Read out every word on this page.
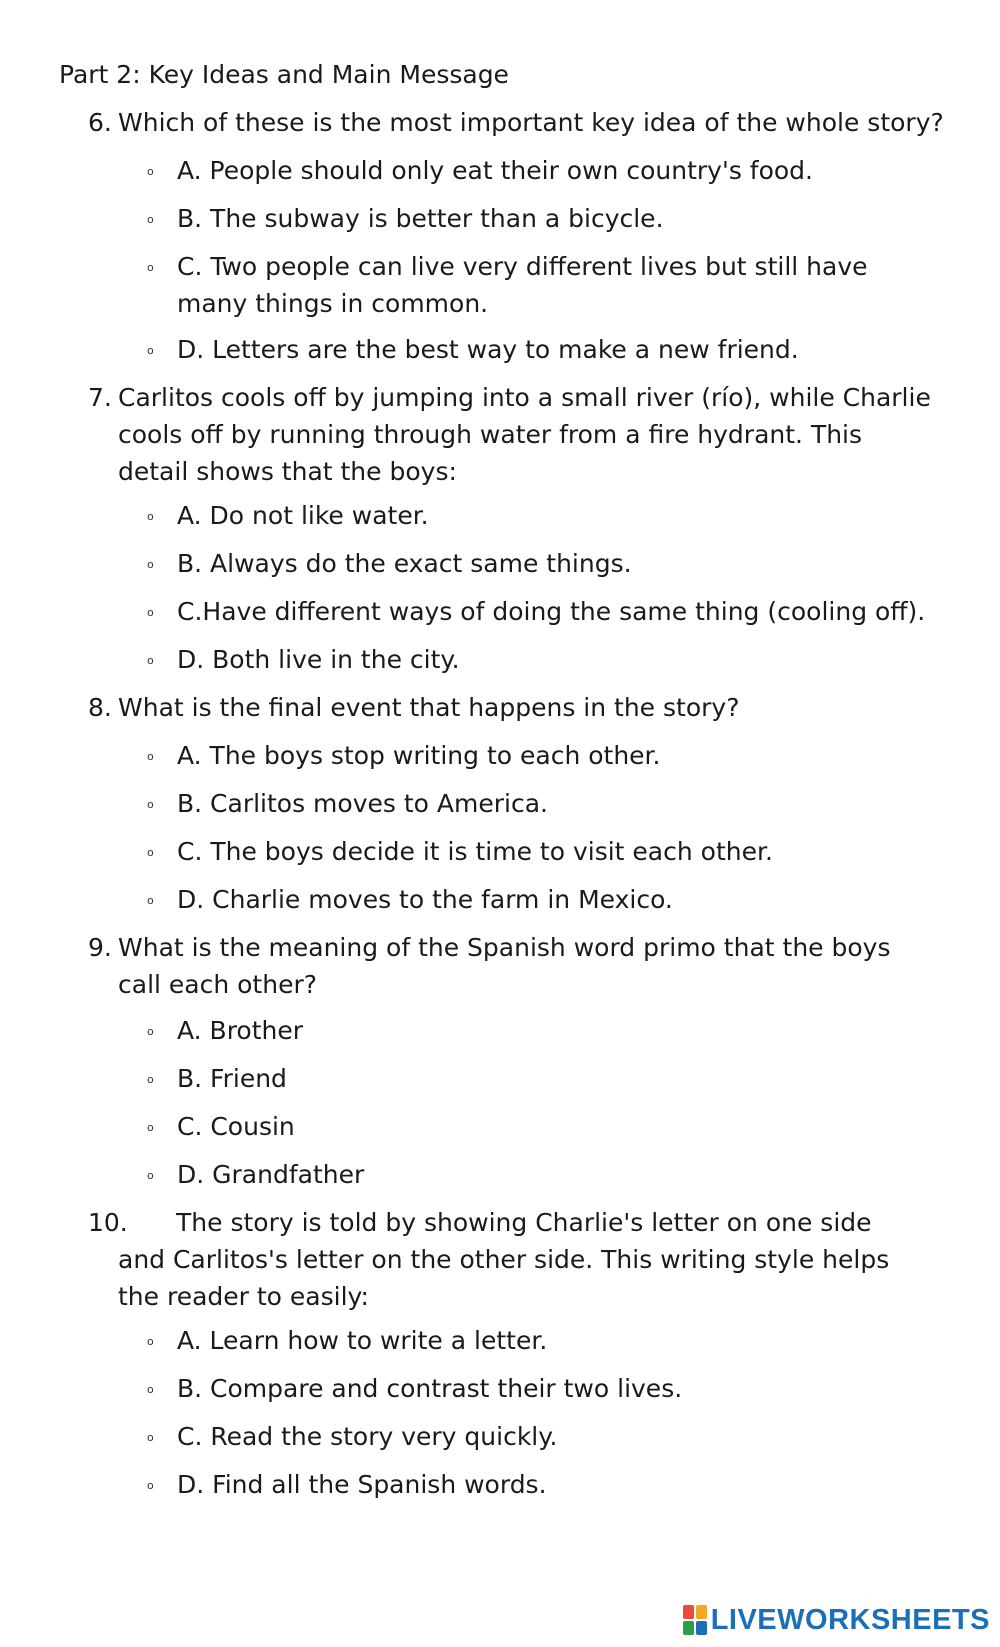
Part 2: Key Ideas and Main Message
6. Which of these is the most important key idea of the whole story?
o A. People should only eat their own country's food.
o B. The subway is better than a bicycle.
o C. Two people can live very different lives but still have many things in common.
o D. Letters are the best way to make a new friend.
7. Carlitos cools off by jumping into a small river (río), while Charlie cools off by running through water from a fire hydrant. This detail shows that the boys:
o A. Do not like water.
o B. Always do the exact same things.
o C.Have different ways of doing the same thing (cooling off).
o D. Both live in the city.
8. What is the final event that happens in the story?
o A. The boys stop writing to each other.
o B. Carlitos moves to America.
o C. The boys decide it is time to visit each other.
o D. Charlie moves to the farm in Mexico.
9. What is the meaning of the Spanish word primo that the boys call each other?
o A. Brother
o B. Friend
o C. Cousin
o D. Grandfather
10.	The story is told by showing Charlie's letter on one side and Carlitos's letter on the other side. This writing style helps the reader to easily:
o A. Learn how to write a letter.
o B. Compare and contrast their two lives.
o C. Read the story very quickly.
o D. Find all the Spanish words.
LIVEWORKSHEETS
